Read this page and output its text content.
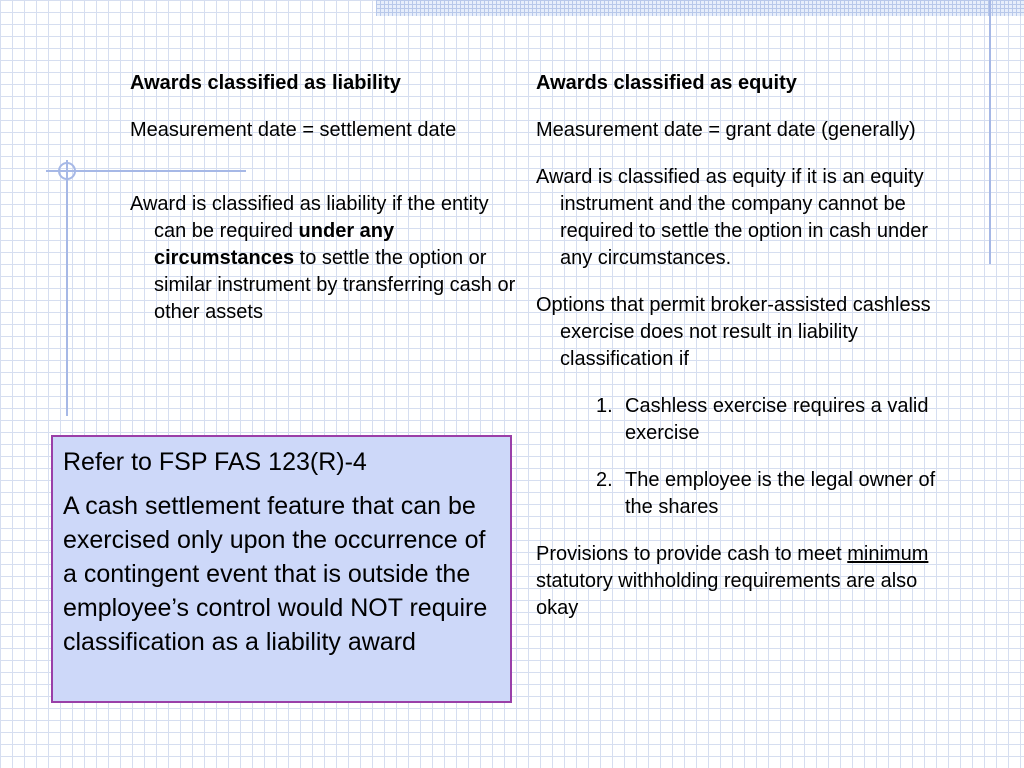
Awards classified as liability
Measurement date = settlement date
Award is classified as liability if the entity can be required under any circumstances to settle the option or similar instrument by transferring cash or other assets
Awards classified as equity
Measurement date = grant date (generally)
Award is classified as equity if it is an equity instrument and the company cannot be required to settle the option in cash under any circumstances.
Options that permit broker-assisted cashless exercise does not result in liability classification if
1. Cashless exercise requires a valid exercise
2. The employee is the legal owner of the shares
Provisions to provide cash to meet minimum statutory withholding requirements are also okay

Refer to FSP FAS 123(R)-4

A cash settlement feature that can be exercised only upon the occurrence of a contingent event that is outside the employee’s control would NOT require classification as a liability award
